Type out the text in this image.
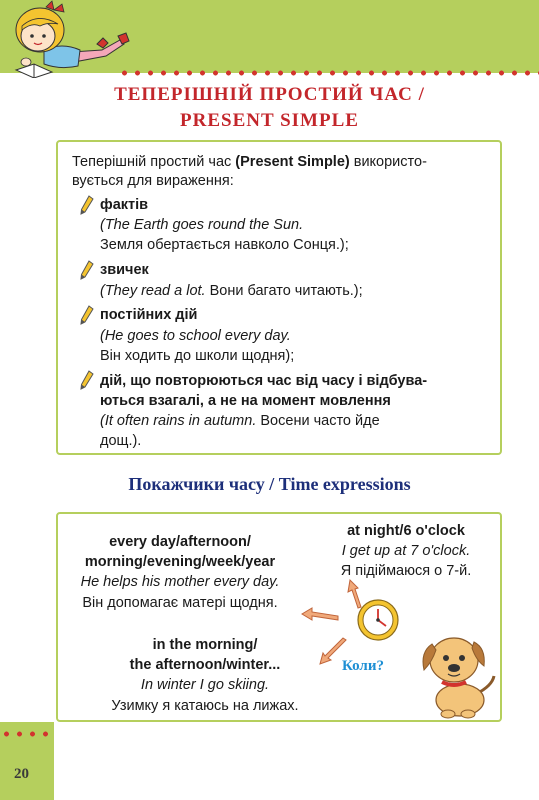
ТЕПЕРІШНІЙ ПРОСТИЙ ЧАС /
PRESENT SIMPLE
Теперішній простий час (Present Simple) використо-
вується для вираження:
фактів
(The Earth goes round the Sun.
Земля обертається навколо Сонця.);
звичек
(They read a lot. Вони багато читають.);
постійних дій
(He goes to school every day.
Він ходить до школи щодня);
дій, що повторюються час від часу і відбува-
ються взагалі, а не на момент мовлення
(It often rains in autumn. Восени часто йде
дощ.).
Покажчики часу / Time expressions
every day/afternoon/
morning/evening/week/year
He helps his mother every day.
Він допомагає матері щодня.
at night/6 o'clock
I get up at 7 o'clock.
Я підіймаюся о 7-й.
in the morning/
the afternoon/winter...
In winter I go skiing.
Узимку я катаюсь на лижах.
Коли?
20
